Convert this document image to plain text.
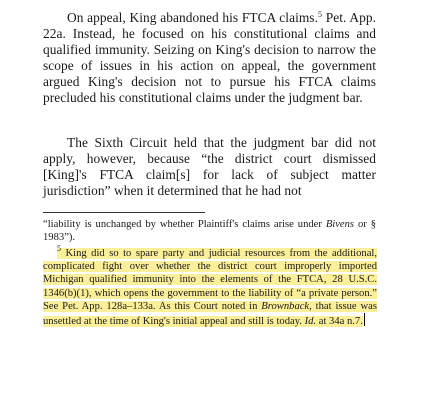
On appeal, King abandoned his FTCA claims.$^5$ Pet. App. 22a. Instead, he focused on his constitutional claims and qualified immunity. Seizing on King's decision to narrow the scope of issues in his action on appeal, the government argued King's decision not to pursue his FTCA claims precluded his constitutional claims under the judgment bar.

The Sixth Circuit held that the judgment bar did not apply, however, because “the district court dismissed [King]'s FTCA claim[s] for lack of subject matter jurisdiction” when it determined that he had not

“liability is unchanged by whether Plaintiff's claims arise under Bivens or § 1983”).

$^5$ King did so to spare party and judicial resources from the additional, complicated fight over whether the district court improperly imported Michigan qualified immunity into the elements of the FTCA, 28 U.S.C. 1346(b)(1), which opens the government to the liability of “a private person.” See Pet. App. 128a–133a. As this Court noted in Brownback, that issue was unsettled at the time of King's initial appeal and still is today. Id. at 34a n.7.
